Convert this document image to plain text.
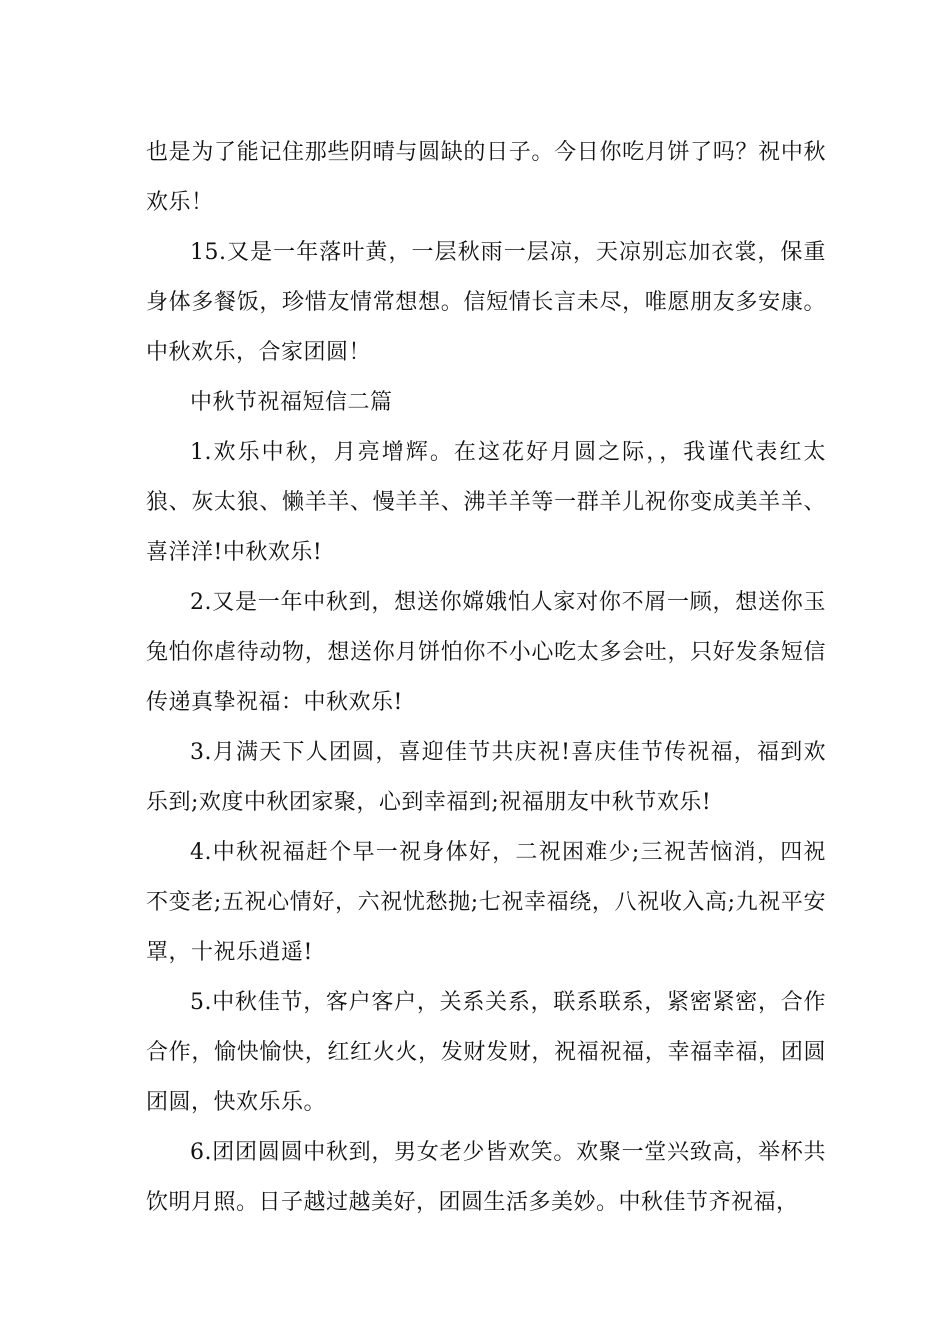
也是为了能记住那些阴晴与圆缺的日子。今日你吃月饼了吗？祝中秋欢乐！

15.又是一年落叶黄，一层秋雨一层凉，天凉别忘加衣裳，保重身体多餐饭，珍惜友情常想想。信短情长言未尽，唯愿朋友多安康。中秋欢乐，合家团圆！

中秋节祝福短信二篇

1.欢乐中秋，月亮增辉。在这花好月圆之际，，我谨代表红太狼、灰太狼、懒羊羊、慢羊羊、沸羊羊等一群羊儿祝你变成美羊羊、喜洋洋!中秋欢乐!

2.又是一年中秋到，想送你嫦娥怕人家对你不屑一顾，想送你玉兔怕你虐待动物，想送你月饼怕你不小心吃太多会吐，只好发条短信传递真挚祝福：中秋欢乐!

3.月满天下人团圆，喜迎佳节共庆祝!喜庆佳节传祝福，福到欢乐到;欢度中秋团家聚，心到幸福到;祝福朋友中秋节欢乐!

4.中秋祝福赶个早一祝身体好，二祝困难少;三祝苦恼消，四祝不变老;五祝心情好，六祝忧愁抛;七祝幸福绕，八祝收入高;九祝平安罩，十祝乐逍遥!

5.中秋佳节，客户客户，关系关系，联系联系，紧密紧密，合作合作，愉快愉快，红红火火，发财发财，祝福祝福，幸福幸福，团圆团圆，快欢乐乐。

6.团团圆圆中秋到，男女老少皆欢笑。欢聚一堂兴致高，举杯共饮明月照。日子越过越美好，团圆生活多美妙。中秋佳节齐祝福，
